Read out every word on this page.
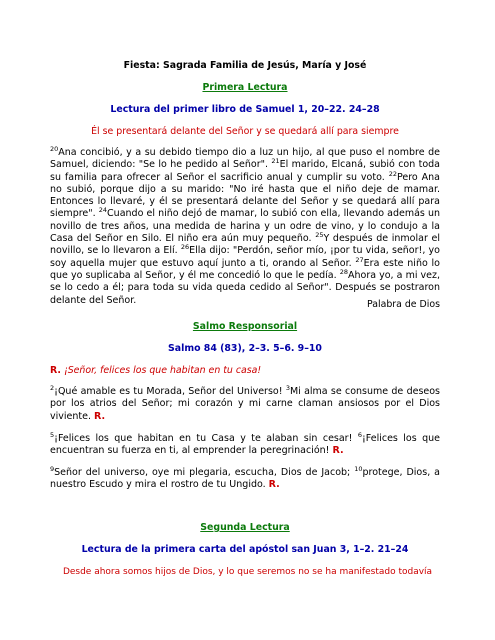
Fiesta: Sagrada Familia de Jesús, María y José

Primera Lectura

Lectura del primer libro de Samuel 1, 20–22. 24–28

Él se presentará delante del Señor y se quedará allí para siempre

$^{20}$Ana concibió, y a su debido tiempo dio a luz un hijo, al que puso el nombre de Samuel, diciendo: "Se lo he pedido al Señor". $^{21}$El marido, Elcaná, subió con toda su familia para ofrecer al Señor el sacrificio anual y cumplir su voto. $^{22}$Pero Ana no subió, porque dijo a su marido: "No iré hasta que el niño deje de mamar. Entonces lo llevaré, y él se presentará delante del Señor y se quedará allí para siempre". $^{24}$Cuando el niño dejó de mamar, lo subió con ella, llevando además un novillo de tres años, una medida de harina y un odre de vino, y lo condujo a la Casa del Señor en Silo. El niño era aún muy pequeño. $^{25}$Y después de inmolar el novillo, se lo llevaron a Elí. $^{26}$Ella dijo: "Perdón, señor mío, ¡por tu vida, señor!, yo soy aquella mujer que estuvo aquí junto a ti, orando al Señor. $^{27}$Era este niño lo que yo suplicaba al Señor, y él me concedió lo que le pedía. $^{28}$Ahora yo, a mi vez, se lo cedo a él; para toda su vida queda cedido al Señor". Después se postraron delante del Señor.	Palabra de Dios

Salmo Responsorial

Salmo 84 (83), 2–3. 5–6. 9–10

R. ¡Señor, felices los que habitan en tu casa!

$^2$¡Qué amable es tu Morada, Señor del Universo! $^3$Mi alma se consume de deseos por los atrios del Señor; mi corazón y mi carne claman ansiosos por el Dios viviente. R.

$^5$¡Felices los que habitan en tu Casa y te alaban sin cesar! $^6$¡Felices los que encuentran su fuerza en ti, al emprender la peregrinación! R.

$^9$Señor del universo, oye mi plegaria, escucha, Dios de Jacob; $^{10}$protege, Dios, a nuestro Escudo y mira el rostro de tu Ungido. R.

Segunda Lectura

Lectura de la primera carta del apóstol san Juan 3, 1–2. 21–24

Desde ahora somos hijos de Dios, y lo que seremos no se ha manifestado todavía
